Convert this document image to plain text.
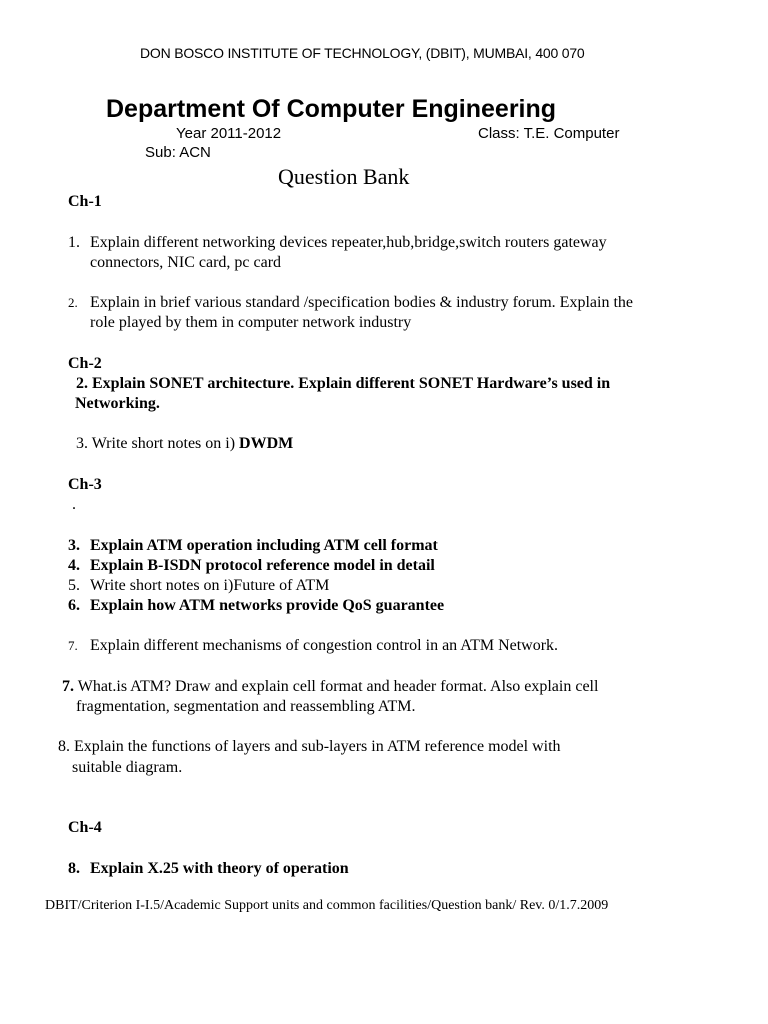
DON BOSCO INSTITUTE OF TECHNOLOGY, (DBIT), MUMBAI, 400 070
Department Of Computer Engineering
Year 2011-2012	Class: T.E. Computer
Sub: ACN
Question Bank
Ch-1
1. Explain different networking devices repeater,hub,bridge,switch routers gateway
connectors, NIC card, pc card
2. Explain in brief various standard /specification bodies & industry forum. Explain the
role played by them in computer network industry
Ch-2
2. Explain SONET architecture. Explain different SONET Hardware’s used in
Networking.
3. Write short notes on i) DWDM
Ch-3
.
3. Explain ATM operation including ATM cell format
4. Explain B-ISDN protocol reference model in detail
5. Write short notes on i)Future of ATM
6. Explain how ATM networks provide QoS guarantee
7. Explain different mechanisms of congestion control in an ATM Network.
7. What.is ATM? Draw and explain cell format and header format. Also explain cell
fragmentation, segmentation and reassembling ATM.
8. Explain the functions of layers and sub-layers in ATM reference model with
suitable diagram.
Ch-4
8. Explain X.25 with theory of operation
DBIT/Criterion I-I.5/Academic Support units and common facilities/Question bank/ Rev. 0/1.7.2009
